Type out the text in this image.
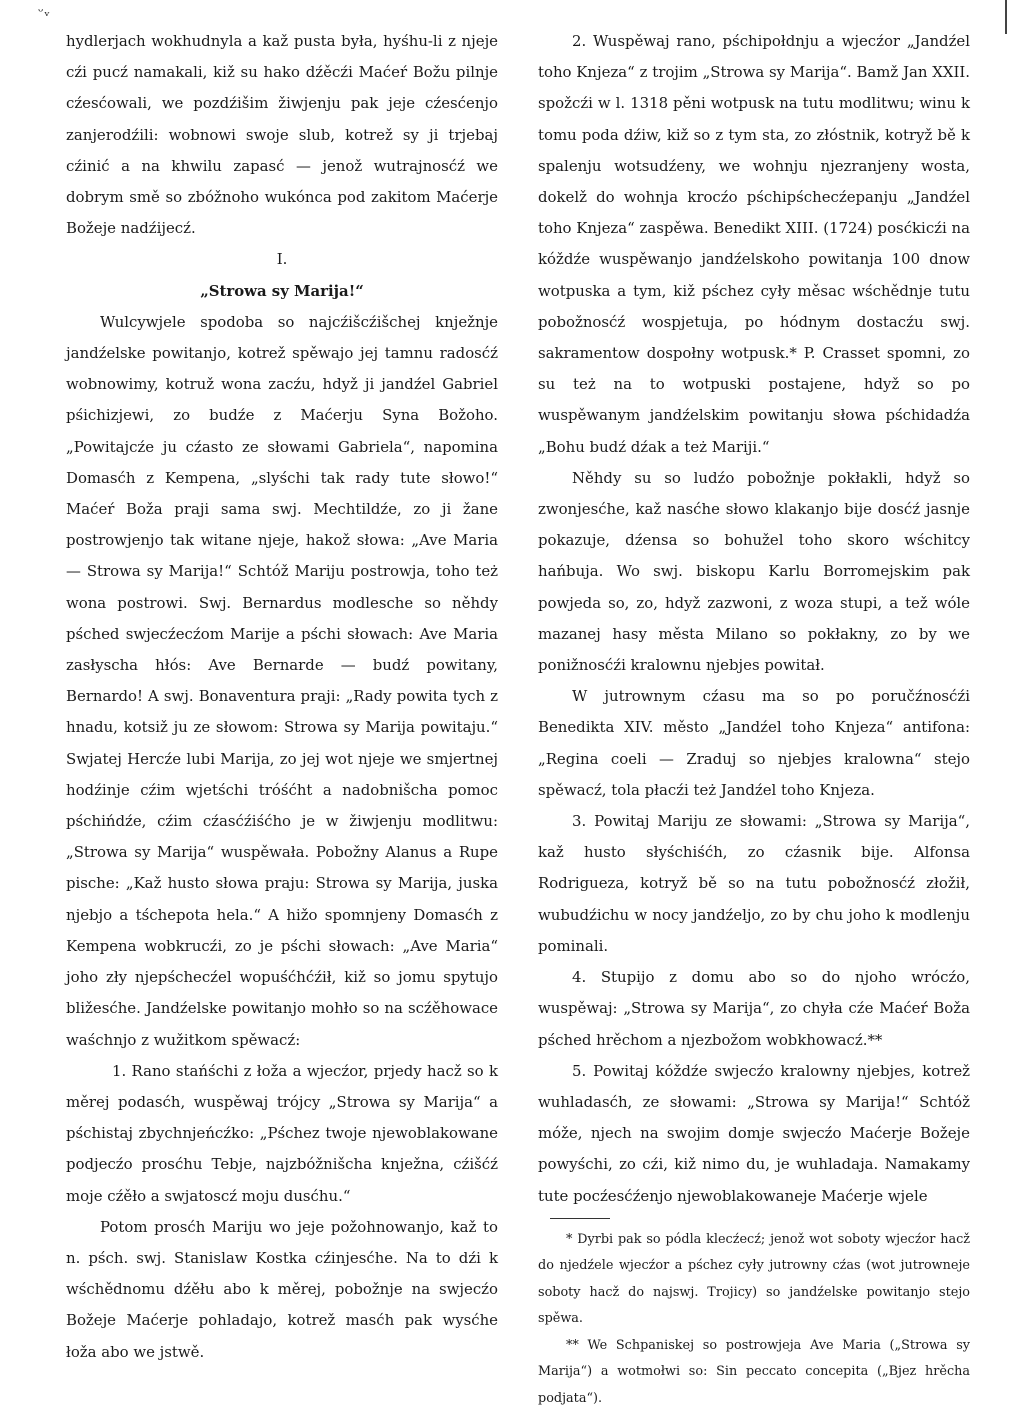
ᵕᵥ

hydlerjach wokhudnyla a kaž pusta była, hyśhu-li z njeje cźi pucź namakali, kiž su hako dźěcźi Maćeŕ Božu pilnje cźesćowali, we pozdźišim žiwjenju pak jeje cźesćenjo zanjerodźili: wobnowi swoje slub, kotrež sy ji trjebaj cźinić a na khwilu zapasć — jenož wutrajnosćź we dobrym smě so zbóžnoho wukónca pod zakitom Maćerje Božeje nadźijecź.

I.

„Strowa sy Marija!“

Wulcywjele spodoba so najcźišcźišchej knježnje jandźelske powitanjo, kotrež spěwajo jej tamnu radosćź wobnowimy, kotruž wona zacźu, hdyž ji jandźel Gabriel pśichizjewi, zo budźe z Maćerju Syna Božoho. „Powitajcźe ju cźasto ze słowami Gabriela“, napomina Domasćh z Kempena, „slyśchi tak rady tute słowo!“ Maćeŕ Boža praji sama swj. Mechtildźe, zo ji žane postrowjenjo tak witane njeje, hakož słowa: „Ave Maria — Strowa sy Marija!“ Schtóž Mariju postrowja, toho też wona postrowi. Swj. Bernardus modlesche so něhdy pśched swjecźecźom Marije a pśchi słowach: Ave Maria zasłyscha hłós: Ave Bernarde — budź powitany, Bernardo! A swj. Bonaventura praji: „Rady powita tych z hnadu, kotsiž ju ze słowom: Strowa sy Marija powitaju.“ Swjatej Hercźe lubi Marija, zo jej wot njeje we smjertnej hodźinje cźim wjetśchi tróśćht a nadobnišcha pomoc pśchińdźe, cźim cźasćźiśćho je w žiwjenju modlitwu: „Strowa sy Marija“ wuspěwała. Pobožny Alanus a Rupe pische: „Kaž husto słowa praju: Strowa sy Marija, juska njebjo a tśchepota hela.“ A hižo spomnjeny Domasćh z Kempena wobkrucźi, zo je pśchi słowach: „Ave Maria“ joho zły njepśchecźel wopuśćhćźił, kiž so jomu spytujo bližesćhe. Jandźelske powitanjo mohło so na scźěhowace waśchnjo z wužitkom spěwacź:

1. Rano stańśchi z łoža a wjecźor, prjedy hacž so k měrej podasćh, wuspěwaj trójcy „Strowa sy Marija“ a pśchistaj zbychnjeńcźko: „Pśchez twoje njewoblakowane podjecźo prosćhu Tebje, najzbóžnišcha knježna, cźišćź moje cźěło a swjatoscź moju dusćhu.“

Potom prosćh Mariju wo jeje požohnowanjo, kaž to n. pśch. swj. Stanislaw Kostka cźinjesćhe. Na to dźi k wśchědnomu dźěłu abo k měrej, pobožnje na swjecźo Božeje Maćerje pohladajo, kotrež masćh pak wysćhe łoža abo we jstwě.

2. Wuspěwaj rano, pśchipołdnju a wjecźor „Jandźel toho Knjeza“ z trojim „Strowa sy Marija“. Bamž Jan XXII. spožcźi w l. 1318 pěni wotpusk na tutu modlitwu; winu k tomu poda dźiw, kiž so z tym sta, zo złóstnik, kotryž bě k spalenju wotsudźeny, we wohnju njezranjeny wosta, dokelž do wohnja krocźo pśchipśchecźepanju „Jandźel toho Knjeza“ zaspěwa. Benedikt XIII. (1724) posćkicźi na kóždźe wuspěwanjo jandźelskoho powitanja 100 dnow wotpuska a tym, kiž pśchez cyły měsac wśchědnje tutu pobožnosćź wospjetuja, po hódnym dostacźu swj. sakramentow dospołny wotpusk.* P. Crasset spomni, zo su też na to wotpuski postajene, hdyž so po wuspěwanym jandźelskim powitanju słowa pśchidadźa „Bohu budź dźak a też Mariji.“

Něhdy su so ludźo pobožnje pokłakli, hdyž so zwonjesćhe, kaž nasćhe słowo klakanjo bije dosćź jasnje pokazuje, dźensa so bohužel toho skoro wśchitcy hańbuja. Wo swj. biskopu Karlu Borromejskim pak powjeda so, zo, hdyž zazwoni, z woza stupi, a tež wóle mazanej hasy města Milano so pokłakny, zo by we ponižnosćźi kralownu njebjes powitał.

W jutrownym cźasu ma so po poručźnosćźi Benedikta XIV. město „Jandźel toho Knjeza“ antifona: „Regina coeli — Zraduj so njebjes kralowna“ stejo spěwacź, tola płacźi też Jandźel toho Knjeza.

3. Powitaj Mariju ze słowami: „Strowa sy Marija“, kaž husto słyśchiśćh, zo cźasnik bije. Alfonsa Rodrigueza, kotryž bě so na tutu pobožnosćź złožił, wubudźichu w nocy jandźeljo, zo by chu joho k modlenju pominali.

4. Stupijo z domu abo so do njoho wrócźo, wuspěwaj: „Strowa sy Marija“, zo chyła cźe Maćeŕ Boža pśched hrěchom a njezbožom wobkhowacź.**

5. Powitaj kóždźe swjecźo kralowny njebjes, kotrež wuhladasćh, ze słowami: „Strowa sy Marija!“ Schtóž móže, njech na swojim domje swjecźo Maćerje Božeje powyśchi, zo cźi, kiž nimo du, je wuhladaja. Namakamy tute pocźesćźenjo njewoblakowaneje Maćerje wjele

* Dyrbi pak so pódla klecźecź; jenož wot soboty wjecźor hacž do njedźele wjecźor a pśchez cyły jutrowny cźas (wot jutrowneje soboty hacž do najswj. Trojicy) so jandźelske powitanjo stejo spěwa.

** We Schpaniskej so postrowjeja Ave Maria („Strowa sy Marija“) a wotmołwi so: Sin peccato concepita („Bjez hrěcha podjata“).
